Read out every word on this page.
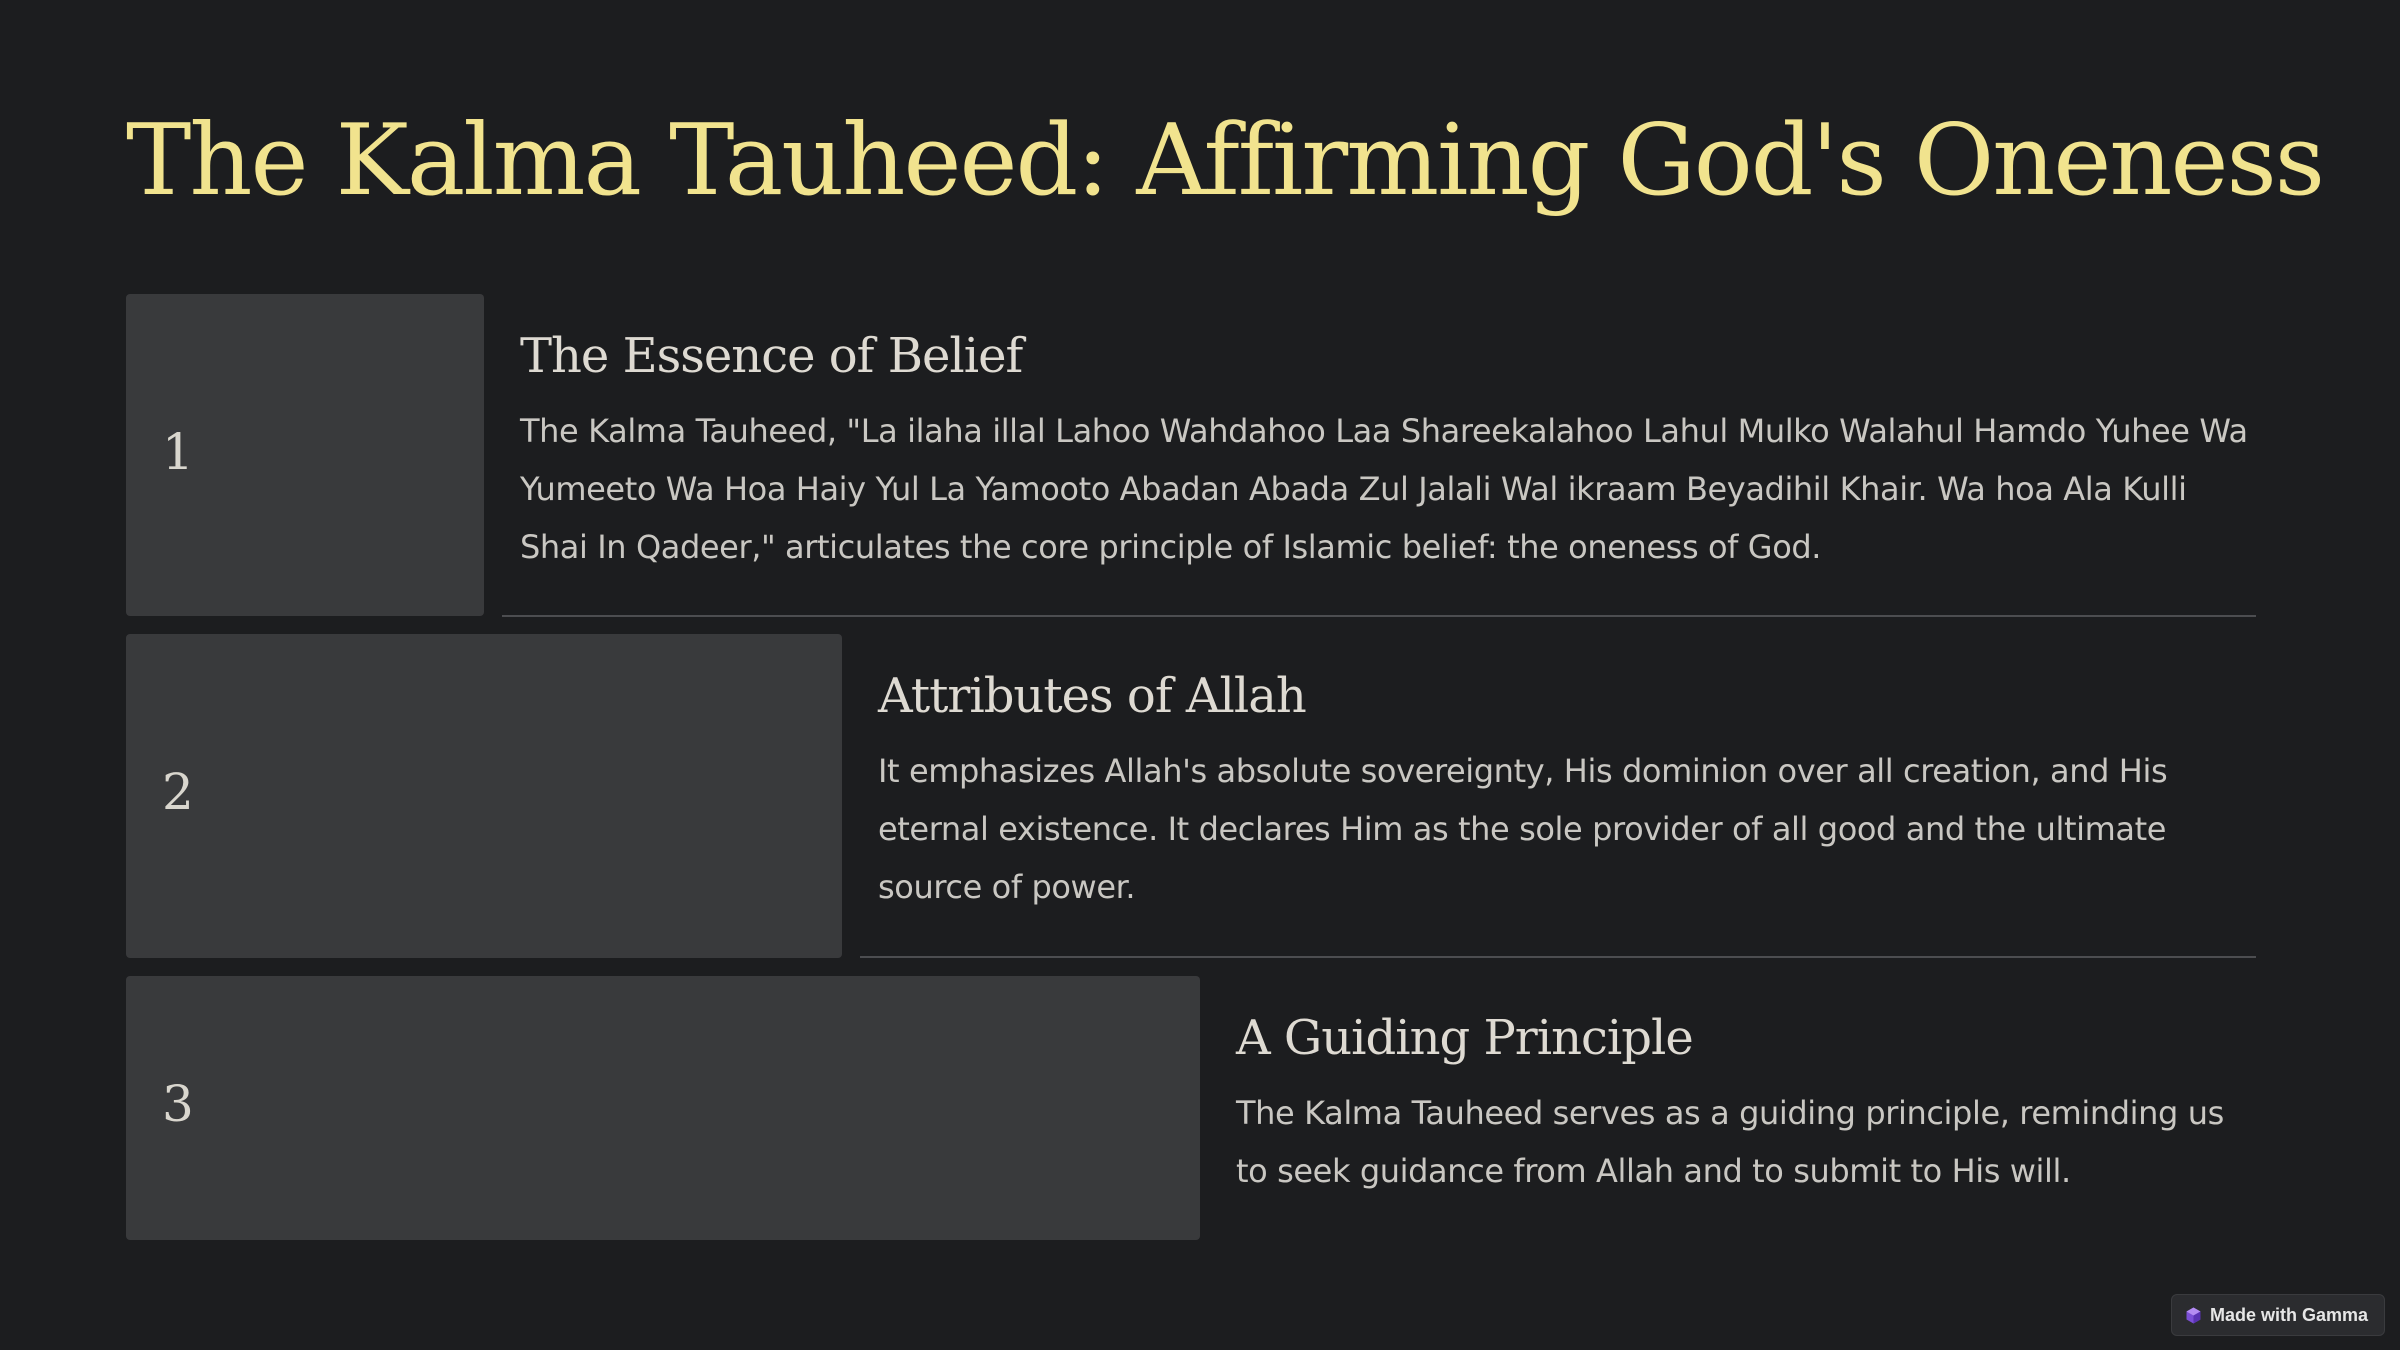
The Kalma Tauheed: Affirming God's Oneness
1
The Essence of Belief

The Kalma Tauheed, "La ilaha illal Lahoo Wahdahoo Laa Shareekalahoo Lahul Mulko Walahul Hamdo Yuhee Wa Yumeeto Wa Hoa Haiy Yul La Yamooto Abadan Abada Zul Jalali Wal ikraam Beyadihil Khair. Wa hoa Ala Kulli Shai In Qadeer," articulates the core principle of Islamic belief: the oneness of God.

2
Attributes of Allah

It emphasizes Allah's absolute sovereignty, His dominion over all creation, and His eternal existence. It declares Him as the sole provider of all good and the ultimate source of power.

3
A Guiding Principle

The Kalma Tauheed serves as a guiding principle, reminding us to seek guidance from Allah and to submit to His will.

Made with Gamma
